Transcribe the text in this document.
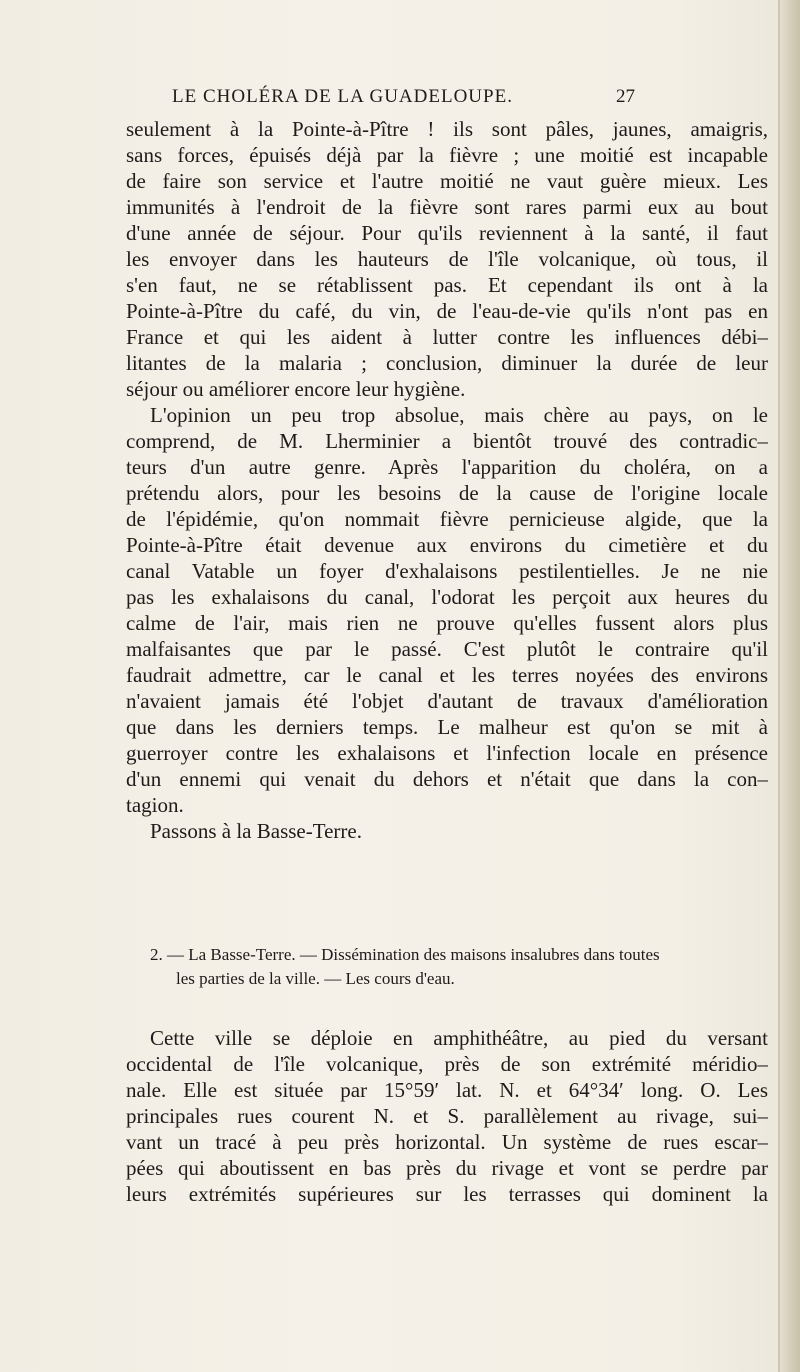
LE CHOLÉRA DE LA GUADELOUPE.	27
seulement à la Pointe-à-Pître ! ils sont pâles, jaunes, amaigris,
sans forces, épuisés déjà par la fièvre ; une moitié est incapable
de faire son service et l'autre moitié ne vaut guère mieux. Les
immunités à l'endroit de la fièvre sont rares parmi eux au bout
d'une année de séjour. Pour qu'ils reviennent à la santé, il faut
les envoyer dans les hauteurs de l'île volcanique, où tous, il
s'en faut, ne se rétablissent pas. Et cependant ils ont à la
Pointe-à-Pître du café, du vin, de l'eau-de-vie qu'ils n'ont pas en
France et qui les aident à lutter contre les influences débi–
litantes de la malaria ; conclusion, diminuer la durée de leur
séjour ou améliorer encore leur hygiène.
L'opinion un peu trop absolue, mais chère au pays, on le
comprend, de M. Lherminier a bientôt trouvé des contradic–
teurs d'un autre genre. Après l'apparition du choléra, on a
prétendu alors, pour les besoins de la cause de l'origine locale
de l'épidémie, qu'on nommait fièvre pernicieuse algide, que la
Pointe-à-Pître était devenue aux environs du cimetière et du
canal Vatable un foyer d'exhalaisons pestilentielles. Je ne nie
pas les exhalaisons du canal, l'odorat les perçoit aux heures du
calme de l'air, mais rien ne prouve qu'elles fussent alors plus
malfaisantes que par le passé. C'est plutôt le contraire qu'il
faudrait admettre, car le canal et les terres noyées des environs
n'avaient jamais été l'objet d'autant de travaux d'amélioration
que dans les derniers temps. Le malheur est qu'on se mit à
guerroyer contre les exhalaisons et l'infection locale en présence
d'un ennemi qui venait du dehors et n'était que dans la con–
tagion.
Passons à la Basse-Terre.
2. — La Basse-Terre. — Dissémination des maisons insalubres dans toutes
les parties de la ville. — Les cours d'eau.
Cette ville se déploie en amphithéâtre, au pied du versant
occidental de l'île volcanique, près de son extrémité méridio–
nale. Elle est située par 15°59′ lat. N. et 64°34′ long. O. Les
principales rues courent N. et S. parallèlement au rivage, sui–
vant un tracé à peu près horizontal. Un système de rues escar–
pées qui aboutissent en bas près du rivage et vont se perdre par
leurs extrémités supérieures sur les terrasses qui dominent la
